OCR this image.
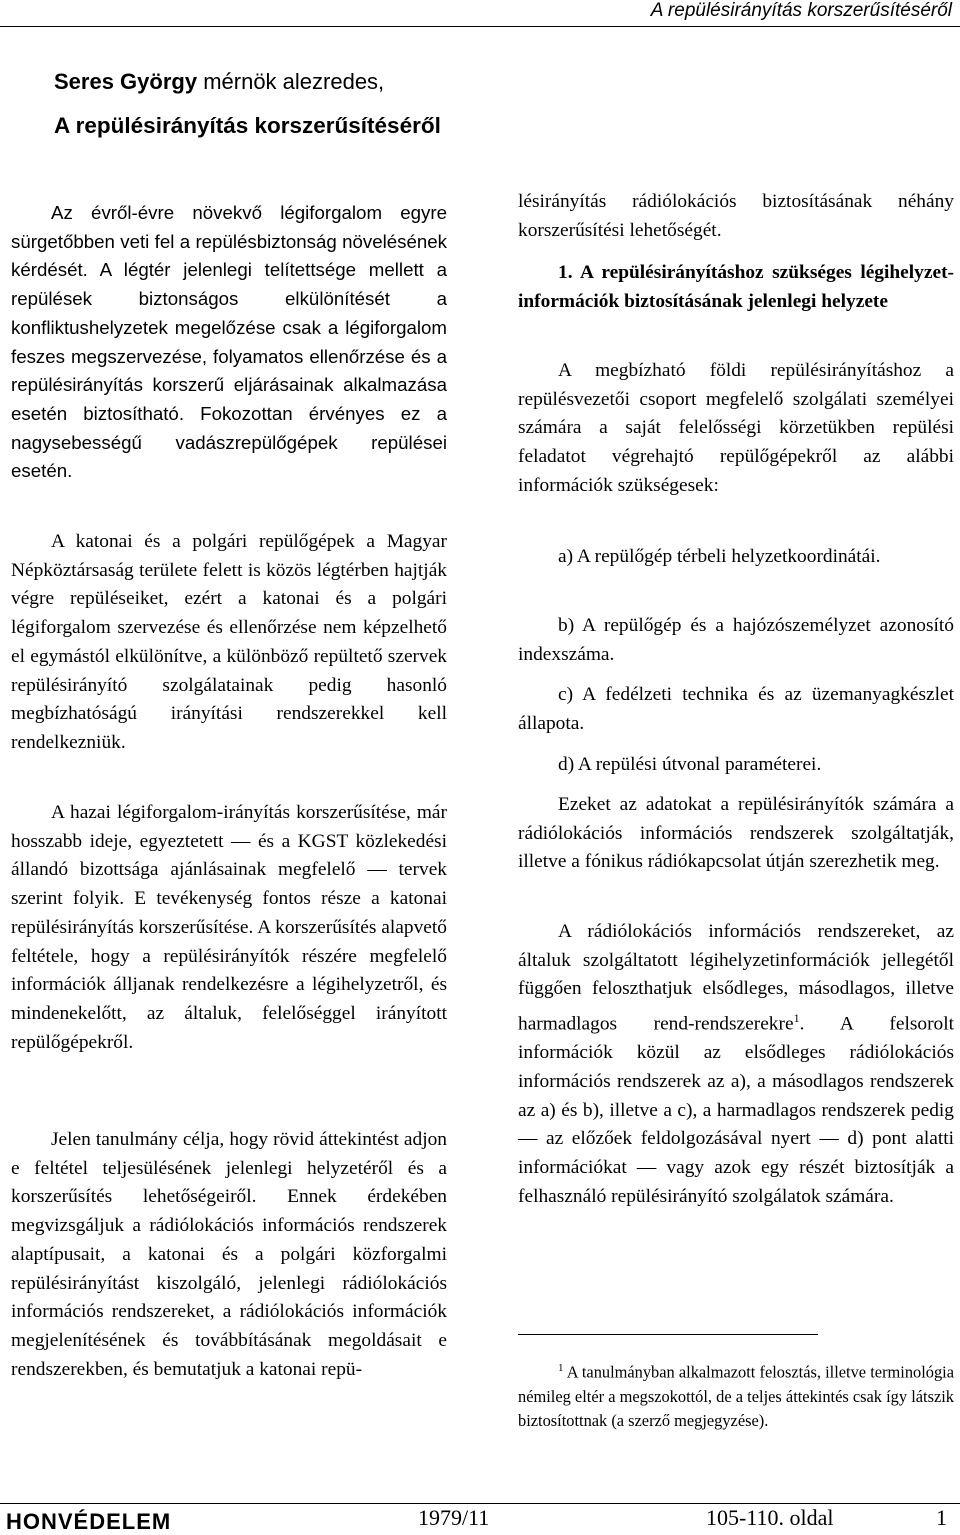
A repülésirányítás korszerűsítéséről
Seres György mérnök alezredes,
A repülésirányítás korszerűsítéséről

Az évről-évre növekvő légiforgalom egyre sürgetőbben veti fel a repülésbiztonság növelésének kérdését. A légtér jelenlegi telítettsége mellett a repülések biztonságos elkülönítését a konfliktushelyzetek megelőzése csak a légiforgalom feszes megszervezése, folyamatos ellenőrzése és a repülésirányítás korszerű eljárásainak alkalmazása esetén biztosítható. Fokozottan érvényes ez a nagysebességű vadászrepülőgépek repülései esetén.

A katonai és a polgári repülőgépek a Magyar Népköztársaság területe felett is közös légtérben hajtják végre repüléseiket, ezért a katonai és a polgári légiforgalom szervezése és ellenőrzése nem képzelhető el egymástól elkülönítve, a különböző repültető szervek repülésirányító szolgálatainak pedig hasonló megbízhatóságú irányítási rendszerekkel kell rendelkezniük.

A hazai légiforgalom-irányítás korszerűsítése, már hosszabb ideje, egyeztetett — és a KGST közlekedési állandó bizottsága ajánlásainak megfelelő — tervek szerint folyik. E tevékenység fontos része a katonai repülésirányítás korszerűsítése. A korszerűsítés alapvető feltétele, hogy a repülésirányítók részére megfelelő információk álljanak rendelkezésre a légihelyzetről, és mindenekelőtt, az általuk, felelőséggel irányított repülőgépekről.

Jelen tanulmány célja, hogy rövid áttekintést adjon e feltétel teljesülésének jelenlegi helyzetéről és a korszerűsítés lehetőségeiről. Ennek érdekében megvizsgáljuk a rádiólokációs információs rendszerek alaptípusait, a katonai és a polgári közforgalmi repülésirányítást kiszolgáló, jelenlegi rádiólokációs információs rendszereket, a rádiólokációs információk megjelenítésének és továbbításának megoldásait e rendszerekben, és bemutatjuk a katonai repü-

lésirányítás rádiólokációs biztosításának néhány korszerűsítési lehetőségét.

1. A repülésirányításhoz szükséges légihelyzet-információk biztosításának jelenlegi helyzete

A megbízható földi repülésirányításhoz a repülésvezetői csoport megfelelő szolgálati személyei számára a saját felelősségi körzetükben repülési feladatot végrehajtó repülőgépekről az alábbi információk szükségesek:

a) A repülőgép térbeli helyzetkoordinátái.

b) A repülőgép és a hajózószemélyzet azonosító indexszáma.

c) A fedélzeti technika és az üzemanyagkészlet állapota.

d) A repülési útvonal paraméterei.

Ezeket az adatokat a repülésirányítók számára a rádiólokációs információs rendszerek szolgáltatják, illetve a fónikus rádiókapcsolat útján szerezhetik meg.

A rádiólokációs információs rendszereket, az általuk szolgáltatott légihelyzetinformációk jellegétől függően feloszthatjuk elsődleges, másodlagos, illetve harmadlagos rend-rendszerekre$^1$. A felsorolt információk közül az elsődleges rádiólokációs információs rendszerek az a), a másodlagos rendszerek az a) és b), illetve a c), a harmadlagos rendszerek pedig — az előzőek feldolgozásával nyert — d) pont alatti információkat — vagy azok egy részét biztosítják a felhasználó repülésirányító szolgálatok számára.

$^1$ A tanulmányban alkalmazott felosztás, illetve terminológia némileg eltér a megszokottól, de a teljes áttekintés csak így látszik biztosítottnak (a szerző megjegyzése).

HONVÉDELEM	1979/11	105-110. oldal	1
